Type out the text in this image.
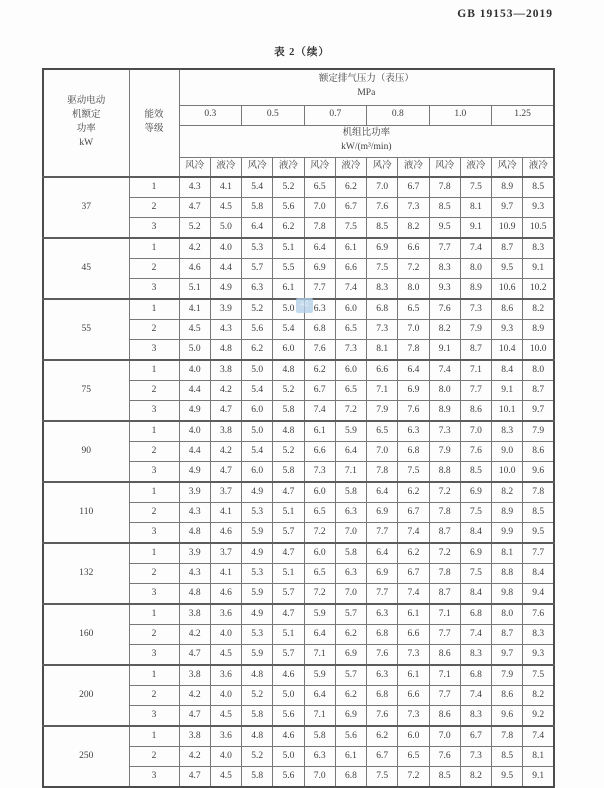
GB 19153—2019
表 2（续）
驱动电动
机额定
功率
kW	能效
等级	额定排气压力（表压）
MPa											

		0.3		0.5		0.7		0.8		1.0		1.25	

		机组比功率
kW/(m³/min)											

		风冷	液冷	风冷	液冷	风冷	液冷	风冷	液冷	风冷	液冷	风冷	液冷
37	1	4.3	4.1	5.4	5.2	6.5	6.2	7.0	6.7	7.8	7.5	8.9	8.5
	2	4.7	4.5	5.8	5.6	7.0	6.7	7.6	7.3	8.5	8.1	9.7	9.3
	3	5.2	5.0	6.4	6.2	7.8	7.5	8.5	8.2	9.5	9.1	10.9	10.5
45	1	4.2	4.0	5.3	5.1	6.4	6.1	6.9	6.6	7.7	7.4	8.7	8.3
	2	4.6	4.4	5.7	5.5	6.9	6.6	7.5	7.2	8.3	8.0	9.5	9.1
	3	5.1	4.9	6.3	6.1	7.7	7.4	8.3	8.0	9.3	8.9	10.6	10.2
55	1	4.1	3.9	5.2	5.0	6.3	6.0	6.8	6.5	7.6	7.3	8.6	8.2
	2	4.5	4.3	5.6	5.4	6.8	6.5	7.3	7.0	8.2	7.9	9.3	8.9
	3	5.0	4.8	6.2	6.0	7.6	7.3	8.1	7.8	9.1	8.7	10.4	10.0
75	1	4.0	3.8	5.0	4.8	6.2	6.0	6.6	6.4	7.4	7.1	8.4	8.0
	2	4.4	4.2	5.4	5.2	6.7	6.5	7.1	6.9	8.0	7.7	9.1	8.7
	3	4.9	4.7	6.0	5.8	7.4	7.2	7.9	7.6	8.9	8.6	10.1	9.7
90	1	4.0	3.8	5.0	4.8	6.1	5.9	6.5	6.3	7.3	7.0	8.3	7.9
	2	4.4	4.2	5.4	5.2	6.6	6.4	7.0	6.8	7.9	7.6	9.0	8.6
	3	4.9	4.7	6.0	5.8	7.3	7.1	7.8	7.5	8.8	8.5	10.0	9.6
110	1	3.9	3.7	4.9	4.7	6.0	5.8	6.4	6.2	7.2	6.9	8.2	7.8
	2	4.3	4.1	5.3	5.1	6.5	6.3	6.9	6.7	7.8	7.5	8.9	8.5
	3	4.8	4.6	5.9	5.7	7.2	7.0	7.7	7.4	8.7	8.4	9.9	9.5
132	1	3.9	3.7	4.9	4.7	6.0	5.8	6.4	6.2	7.2	6.9	8.1	7.7
	2	4.3	4.1	5.3	5.1	6.5	6.3	6.9	6.7	7.8	7.5	8.8	8.4
	3	4.8	4.6	5.9	5.7	7.2	7.0	7.7	7.4	8.7	8.4	9.8	9.4
160	1	3.8	3.6	4.9	4.7	5.9	5.7	6.3	6.1	7.1	6.8	8.0	7.6
	2	4.2	4.0	5.3	5.1	6.4	6.2	6.8	6.6	7.7	7.4	8.7	8.3
	3	4.7	4.5	5.9	5.7	7.1	6.9	7.6	7.3	8.6	8.3	9.7	9.3
200	1	3.8	3.6	4.8	4.6	5.9	5.7	6.3	6.1	7.1	6.8	7.9	7.5
	2	4.2	4.0	5.2	5.0	6.4	6.2	6.8	6.6	7.7	7.4	8.6	8.2
	3	4.7	4.5	5.8	5.6	7.1	6.9	7.6	7.3	8.6	8.3	9.6	9.2
250	1	3.8	3.6	4.8	4.6	5.8	5.6	6.2	6.0	7.0	6.7	7.8	7.4
	2	4.2	4.0	5.2	5.0	6.3	6.1	6.7	6.5	7.6	7.3	8.5	8.1
	3	4.7	4.5	5.8	5.6	7.0	6.8	7.5	7.2	8.5	8.2	9.5	9.1
AC
